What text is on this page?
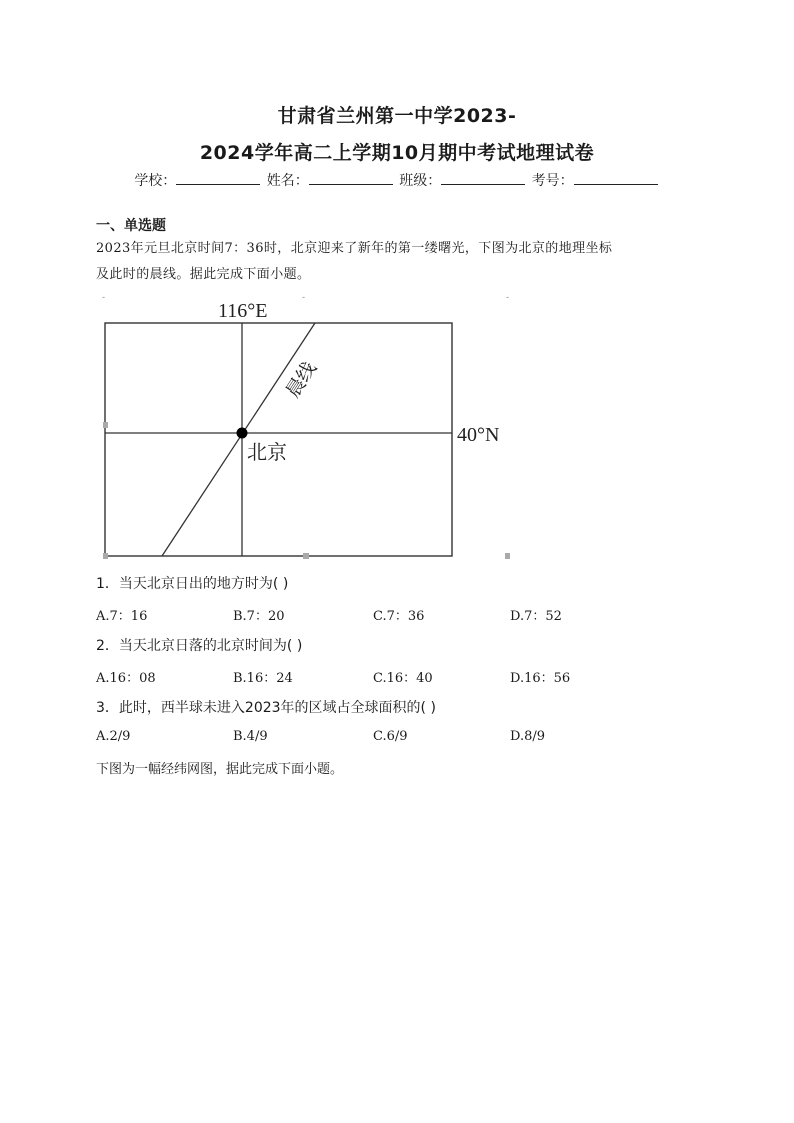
甘肃省兰州第一中学2023-
2024学年高二上学期10月期中考试地理试卷
学校：	姓名：	班级：	考号：
一、单选题
2023年元旦北京时间7：36时，北京迎来了新年的第一缕曙光，下图为北京的地理坐标
及此时的晨线。据此完成下面小题。
-	-	-
116°E
40°N
北京
晨线
1．当天北京日出的地方时为( )
A.7：16	B.7：20	C.7：36	D.7：52
2．当天北京日落的北京时间为( )
A.16：08	B.16：24	C.16：40	D.16：56
3．此时，西半球未进入2023年的区域占全球面积的( )
A.2/9	B.4/9	C.6/9	D.8/9
下图为一幅经纬网图，据此完成下面小题。
